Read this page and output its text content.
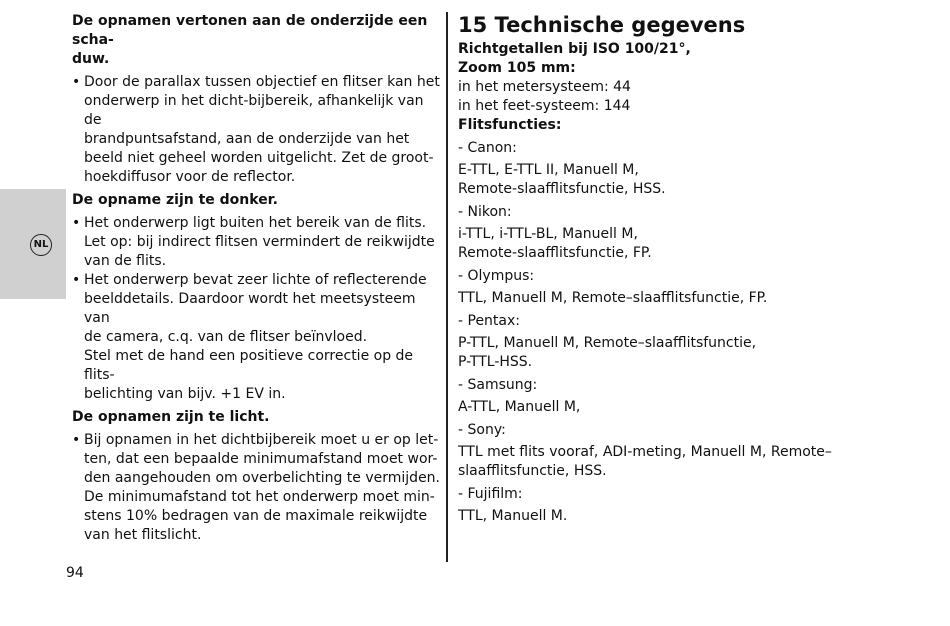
NL

De opnamen vertonen aan de onderzijde een scha-

duw.

• Door de parallax tussen objectief en flitser kan het
onderwerp in het dicht-bijbereik, afhankelijk van de
brandpuntsafstand, aan de onderzijde van het
beeld niet geheel worden uitgelicht. Zet de groot-
hoekdiffusor voor de reflector.

De opname zijn te donker.

• Het onderwerp ligt buiten het bereik van de flits.
Let op: bij indirect flitsen vermindert de reikwijdte
van de flits.
• Het onderwerp bevat zeer lichte of reflecterende
beelddetails. Daardoor wordt het meetsysteem van
de camera, c.q. van de flitser beïnvloed.
Stel met de hand een positieve correctie op de flits-
belichting van bijv. +1 EV in.

De opnamen zijn te licht.

• Bij opnamen in het dichtbijbereik moet u er op let-
ten, dat een bepaalde minimumafstand moet wor-
den aangehouden om overbelichting te vermijden.
De minimumafstand tot het onderwerp moet min-
stens 10% bedragen van de maximale reikwijdte
van het flitslicht.

15 Technische gegevens

Richtgetallen bij ISO 100/21°,

Zoom 105 mm:

in het metersysteem: 44

in het feet-systeem: 144

Flitsfuncties:

- Canon:

E-TTL, E-TTL II, Manuell M,

Remote-slaafflitsfunctie, HSS.

- Nikon:

i-TTL, i-TTL-BL, Manuell M,

Remote-slaafflitsfunctie, FP.

- Olympus:

TTL, Manuell M, Remote–slaafflitsfunctie, FP.

- Pentax:

P-TTL, Manuell M, Remote–slaafflitsfunctie,

P-TTL-HSS.

- Samsung:

A-TTL, Manuell M,

- Sony:

TTL met flits vooraf, ADI-meting, Manuell M, Remote–

slaafflitsfunctie, HSS.

- Fujifilm:

TTL, Manuell M.

94
